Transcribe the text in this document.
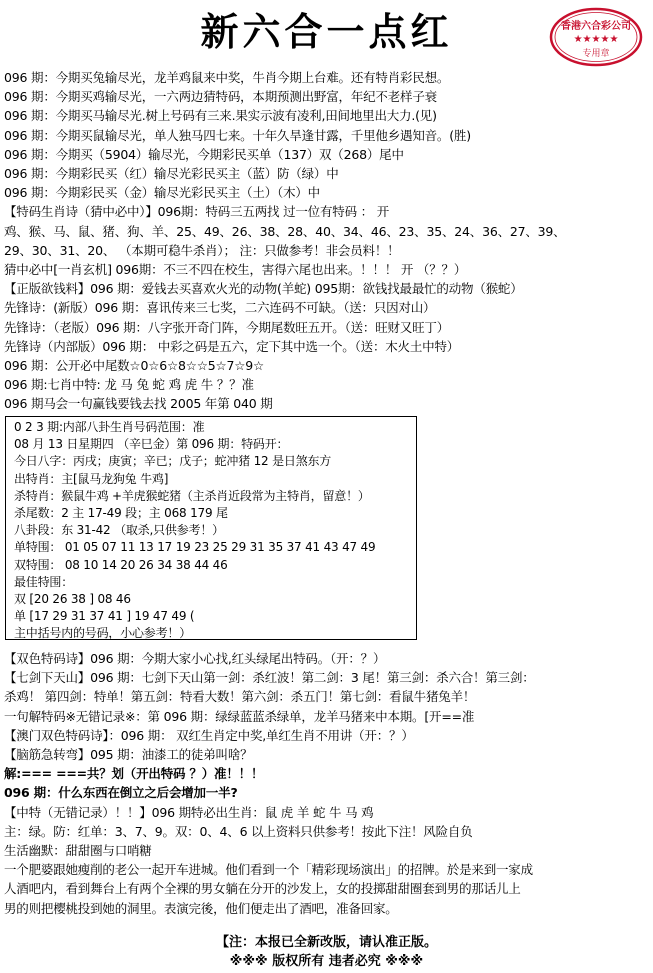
新六合一点红	香港六合彩公司
★★★★★
专用章
096 期：今期买兔输尽光，龙羊鸡鼠来中奖，牛肖今期上台难。还有特肖彩民想。
096 期：今期买鸡输尽光，一六两边猜特码，本期预测出野富，年纪不老样子衰
096 期：今期买马输尽光.树上号码有三来.果实示波有凌利,田间地里出大力.(见)
096 期：今期买鼠输尽光，单人独马四七来。十年久旱逢甘露，千里他乡遇知音。(胜)
096 期：今期买（5904）输尽光，今期彩民买单（137）双（268）尾中
096 期：今期彩民买（红）输尽光彩民买主（蓝）防（绿）中
096 期：今期彩民买（金）输尽光彩民买主（土）（木）中
【特码生肖诗（猜中必中）】096期：特码三五两找 过一位有特码 ： 开
鸡、猴、马、鼠、猪、狗、羊、25、49、26、38、28、40、34、46、23、35、24、36、27、39、
29、30、31、20、 （本期可稳牛杀肖）； 注：只做参考！非会员料！！
猜中必中[一肖玄机] 096期：不三不四在校生，害得六尾也出来。！！！ 开 （？？）
【正版欲钱料】096 期：爱钱去买喜欢火光的动物(羊蛇) 095期：欲钱找最最忙的动物（猴蛇）
先锋诗：(新版）096 期：喜讯传来三七奖，二六连码不可缺。（送：只因对山）
先锋诗：（老版）096 期：八字张开奇门阵，今期尾数旺五开。（送：旺财又旺丁）
先锋诗（内部版）096 期： 中彩之码是五六，定下其中选一个。（送：木火土中特）
096 期：公开必中尾数☆0☆6☆8☆☆5☆7☆9☆
096 期:七肖中特: 龙 马 兔 蛇 鸡 虎 牛 ？？准
096 期马会一句赢钱要钱去找 2005 年第 040 期
0 2 3 期:内部八卦生肖号码范围：准
08 月 13 日星期四 （辛巳金）第 096 期：特码开：
今日八字：丙戌；庚寅；辛已；戊子；蛇冲猪 12 是日煞东方
出特肖：主[鼠马龙狗兔 牛鸡]
杀特肖：猴鼠牛鸡 +羊虎猴蛇猪（主杀肖近段常为主特肖，留意！）
杀尾数：2 主 17-49 段；主 068 179 尾
八卦段：东 31-42 （取杀,只供参考！）
单特围： 01 05 07 11 13 17 19 23 25 29 31 35 37 41 43 47 49
双特围： 08 10 14 20 26 34 38 44 46
最佳特围：
双 [20 26 38 ] 08 46
单 [17 29 31 37 41 ] 19 47 49 (
主中括号内的号码，小心参考！）
【双色特码诗】096 期：今期大家小心找,红头绿尾出特码。（开：？）
【七剑下天山】096 期：七剑下天山第一剑：杀红波！第二剑：3 尾！第三剑：杀六合！第三剑：
杀鸡！ 第四剑：特单！第五剑：特看大数！第六剑：杀五门！第七剑：看鼠牛猪兔羊！
一句解特码※无错记录※：第 096 期：绿绿蓝蓝杀绿单，龙羊马猪来中本期。[开==准
【澳门双色特码诗】：096 期： 双红生肖定中奖,单红生肖不用讲（开：？）
【脑筋急转弯】095 期：油漆工的徒弟叫啥？
解:=== ===共？划（开出特码 ？）准！！！
096 期：什么东西在倒立之后会增加一半?
【中特（无错记录）！！】096 期特必出生肖：鼠 虎 羊 蛇 牛 马 鸡
主：绿。防：红单：3、7、9。双：0、4、6 以上资料只供参考！按此下注！风险自负
生活幽默：甜甜圈与口哨糖
一个肥婆跟她瘦削的老公一起开车进城。他们看到一个「精彩现场演出」的招牌。於是来到一家成
人酒吧内，看到舞台上有两个全裸的男女躺在分开的沙发上，女的投掷甜甜圈套到男的那话儿上
男的则把樱桃投到她的洞里。表演完後，他们便走出了酒吧，准备回家。
【注：本报已全新改版，请认准正版。
※※※ 版权所有 违者必究 ※※※
